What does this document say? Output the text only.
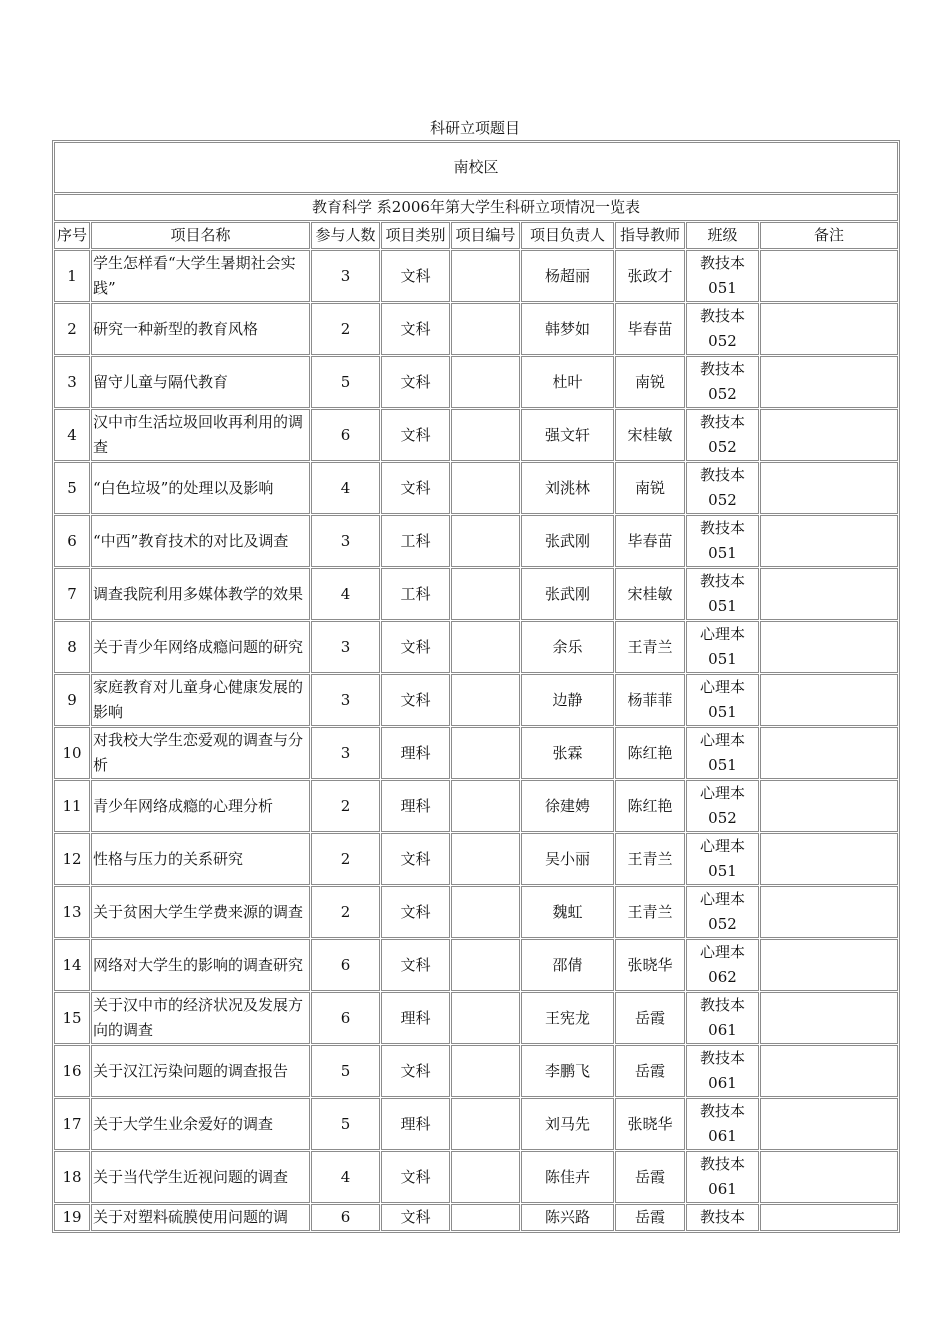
科研立项题目
南校区								
教育科学 系2006年第大学生科研立项情况一览表								
序号	项目名称	参与人数	项目类别	项目编号	项目负责人	指导教师	班级	备注
1	学生怎样看“大学生暑期社会实践”	3	文科		杨超丽	张政才	教技本051	
2	研究一种新型的教育风格	2	文科		韩梦如	毕春苗	教技本052	
3	留守儿童与隔代教育	5	文科		杜叶	南锐	教技本052	
4	汉中市生活垃圾回收再利用的调查	6	文科		强文轩	宋桂敏	教技本052	
5	“白色垃圾”的处理以及影响	4	文科		刘洮林	南锐	教技本052	
6	“中西”教育技术的对比及调查	3	工科		张武刚	毕春苗	教技本051	
7	调查我院利用多媒体教学的效果	4	工科		张武刚	宋桂敏	教技本051	
8	关于青少年网络成瘾问题的研究	3	文科		余乐	王青兰	心理本051	
9	家庭教育对儿童身心健康发展的影响	3	文科		边静	杨菲菲	心理本051	
10	对我校大学生恋爱观的调查与分析	3	理科		张霖	陈红艳	心理本051	
11	青少年网络成瘾的心理分析	2	理科		徐建娉	陈红艳	心理本052	
12	性格与压力的关系研究	2	文科		吴小丽	王青兰	心理本051	
13	关于贫困大学生学费来源的调查	2	文科		魏虹	王青兰	心理本052	
14	网络对大学生的影响的调查研究	6	文科		邵倩	张晓华	心理本062	
15	关于汉中市的经济状况及发展方向的调查	6	理科		王宪龙	岳霞	教技本061	
16	关于汉江污染问题的调查报告	5	文科		李鹏飞	岳霞	教技本061	
17	关于大学生业余爱好的调查	5	理科		刘马先	张晓华	教技本061	
18	关于当代学生近视问题的调查	4	文科		陈佳卉	岳霞	教技本061	
19	关于对塑料硫膜使用问题的调	6	文科		陈兴路	岳霞	教技本	
